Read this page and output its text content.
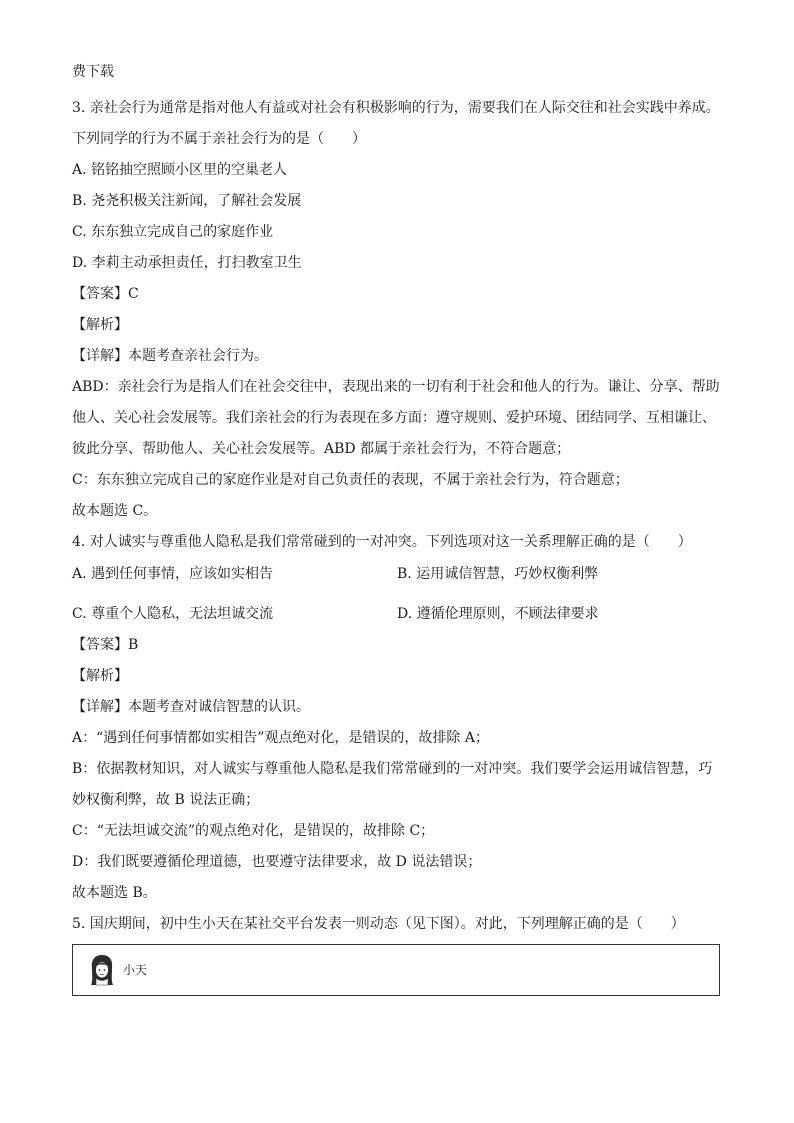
费下载

3. 亲社会行为通常是指对他人有益或对社会有积极影响的行为，需要我们在人际交往和社会实践中养成。

下列同学的行为不属于亲社会行为的是（　　）

A. 铭铭抽空照顾小区里的空巢老人

B. 尧尧积极关注新闻，了解社会发展

C. 东东独立完成自己的家庭作业

D. 李莉主动承担责任，打扫教室卫生

【答案】C

【解析】

【详解】本题考查亲社会行为。

ABD：亲社会行为是指人们在社会交往中，表现出来的一切有利于社会和他人的行为。谦让、分享、帮助

他人、关心社会发展等。我们亲社会的行为表现在多方面：遵守规则、爱护环境、团结同学、互相谦让、

彼此分享、帮助他人、关心社会发展等。ABD 都属于亲社会行为，不符合题意；

C：东东独立完成自己的家庭作业是对自己负责任的表现，不属于亲社会行为，符合题意；

故本题选 C。

4. 对人诚实与尊重他人隐私是我们常常碰到的一对冲突。下列选项对这一关系理解正确的是（　　）

A. 遇到任何事情，应该如实相告	B. 运用诚信智慧，巧妙权衡利弊
C. 尊重个人隐私，无法坦诚交流	D. 遵循伦理原则，不顾法律要求

【答案】B

【解析】

【详解】本题考查对诚信智慧的认识。

A：“遇到任何事情都如实相告”观点绝对化，是错误的，故排除 A；

B：依据教材知识，对人诚实与尊重他人隐私是我们常常碰到的一对冲突。我们要学会运用诚信智慧，巧

妙权衡利弊，故 B 说法正确；

C：“无法坦诚交流”的观点绝对化，是错误的，故排除 C；

D：我们既要遵循伦理道德，也要遵守法律要求，故 D 说法错误；

故本题选 B。

5. 国庆期间，初中生小天在某社交平台发表一则动态（见下图）。对此，下列理解正确的是（　　）

小天
